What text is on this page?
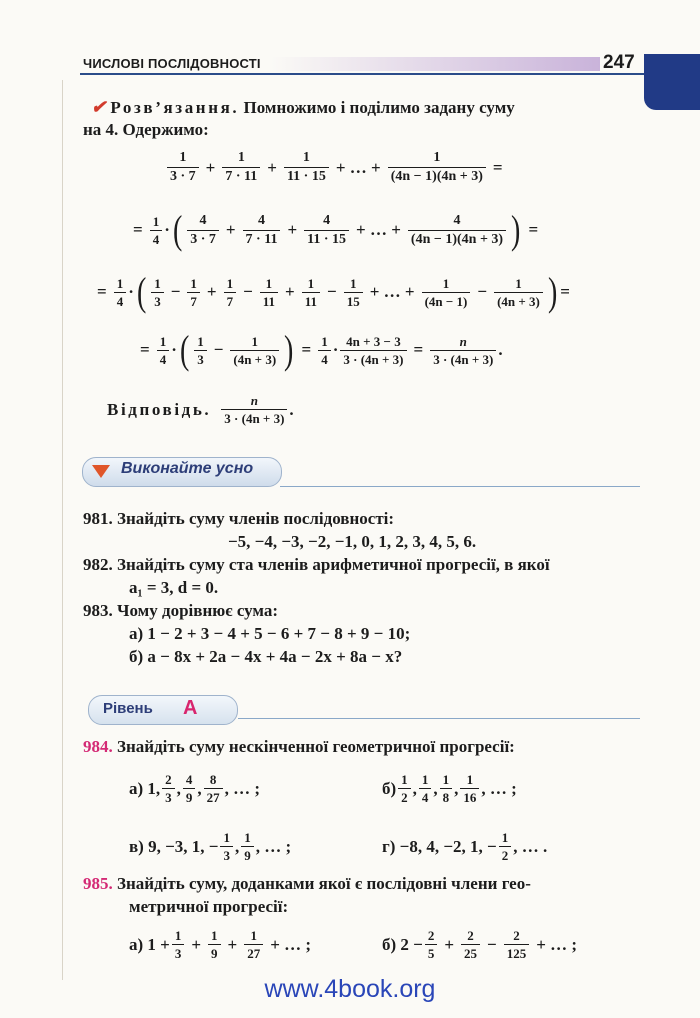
ЧИСЛОВІ ПОСЛІДОВНОСТІ	247
✔ Розв’язання. Помножимо і поділимо задану суму
на 4. Одержимо:
$\frac{1}{3 \cdot 7} + \frac{1}{7 \cdot 11} + \frac{1}{11 \cdot 15}$ + … + $\frac{1}{(4n - 1)(4n + 3)}$ =
= $\frac{1}{4}$ · ( $\frac{4}{3 \cdot 7} + \frac{4}{7 \cdot 11} + \frac{4}{11 \cdot 15}$ + … + $\frac{4}{(4n - 1)(4n + 3)}$ ) =
= $\frac{1}{4}$ · ( $\frac{1}{3} - \frac{1}{7} + \frac{1}{7} - \frac{1}{11} + \frac{1}{11} - \frac{1}{15}$ + … + $\frac{1}{(4n - 1)} - \frac{1}{(4n + 3)}$ ) =
= $\frac{1}{4}$ · ( $\frac{1}{3} - \frac{1}{(4n + 3)}$ ) = $\frac{1}{4} \cdot \frac{4n + 3 - 3}{3 \cdot (4n + 3)} = \frac{n}{3 \cdot (4n + 3)}$ .
Відповідь. $\frac{n}{3 \cdot (4n + 3)}$ .
Виконайте усно
981. Знайдіть суму членів послідовності:
−5, −4, −3, −2, −1, 0, 1, 2, 3, 4, 5, 6.
982. Знайдіть суму ста членів арифметичної прогресії, в якої
a₁ = 3, d = 0.
983. Чому дорівнює сума:
а) 1 − 2 + 3 − 4 + 5 − 6 + 7 − 8 + 9 − 10;
б) a − 8x + 2a − 4x + 4a − 2x + 8a − x?
Рівень A
984. Знайдіть суму нескінченної геометричної прогресії:
а) 1, $\frac{2}{3}$ , $\frac{4}{9}$ , $\frac{8}{27}$ , … ;	$б) \frac{1}{2}$ , $\frac{1}{4}$ , $\frac{1}{8}$ , $\frac{1}{16}$ , … ;
в) 9, −3, 1, − $\frac{1}{3}$ , $\frac{1}{9}$ , … ;	г) −8, 4, −2, 1, − $\frac{1}{2}$ , … .
985. Знайдіть суму, доданками якої є послідовні члени гео-
метричної прогресії:
а) $1 + \frac{1}{3} + \frac{1}{9} + \frac{1}{27}$ + … ;	б) $2 - \frac{2}{5} + \frac{2}{25} - \frac{2}{125}$ + … ;
www.4book.org
